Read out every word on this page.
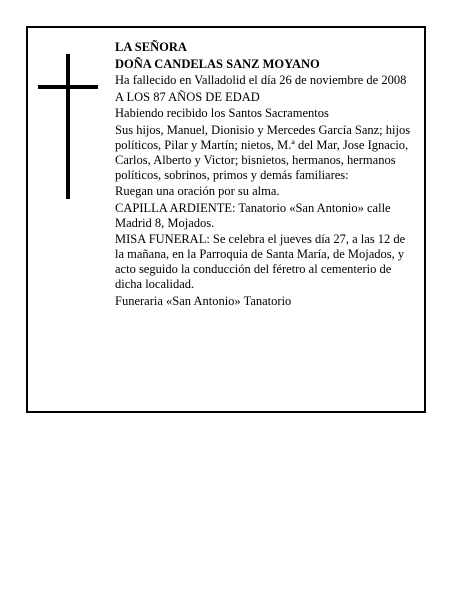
LA SEÑORA

DOÑA CANDELAS SANZ MOYANO

Ha fallecido en Valladolid el día 26 de noviembre de 2008

A LOS 87 AÑOS DE EDAD

Habiendo recibido los Santos Sacramentos

Sus hijos, Manuel, Dionisio y Mercedes García Sanz; hijos políticos, Pilar y Martín; nietos, M.ª del Mar, Jose Ignacio, Carlos, Alberto y Victor; bisnietos, hermanos, hermanos políticos, sobrinos, primos y demás familiares:

Ruegan una oración por su alma.

CAPILLA ARDIENTE: Tanatorio «San Antonio» calle Madrid 8, Mojados.

MISA FUNERAL: Se celebra el jueves día 27, a las 12 de la mañana, en la Parroquia de Santa María, de Mojados, y acto seguido la conducción del féretro al cementerio de dicha localidad.

Funeraria «San Antonio» Tanatorio
